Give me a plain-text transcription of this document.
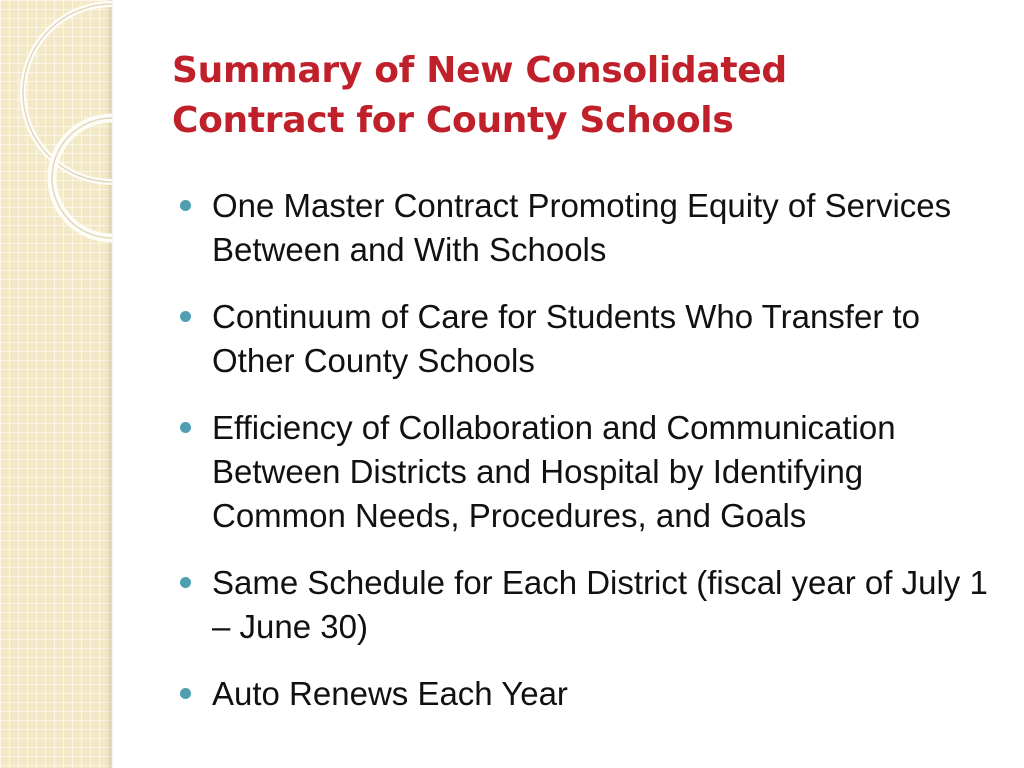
Summary of New Consolidated
Contract for County Schools
One Master Contract Promoting Equity of Services Between and With Schools
Continuum of Care for Students Who Transfer to Other County Schools
Efficiency of Collaboration and Communication Between Districts and Hospital by Identifying Common Needs, Procedures, and Goals
Same Schedule for Each District (fiscal year of July 1 – June 30)
Auto Renews Each Year
